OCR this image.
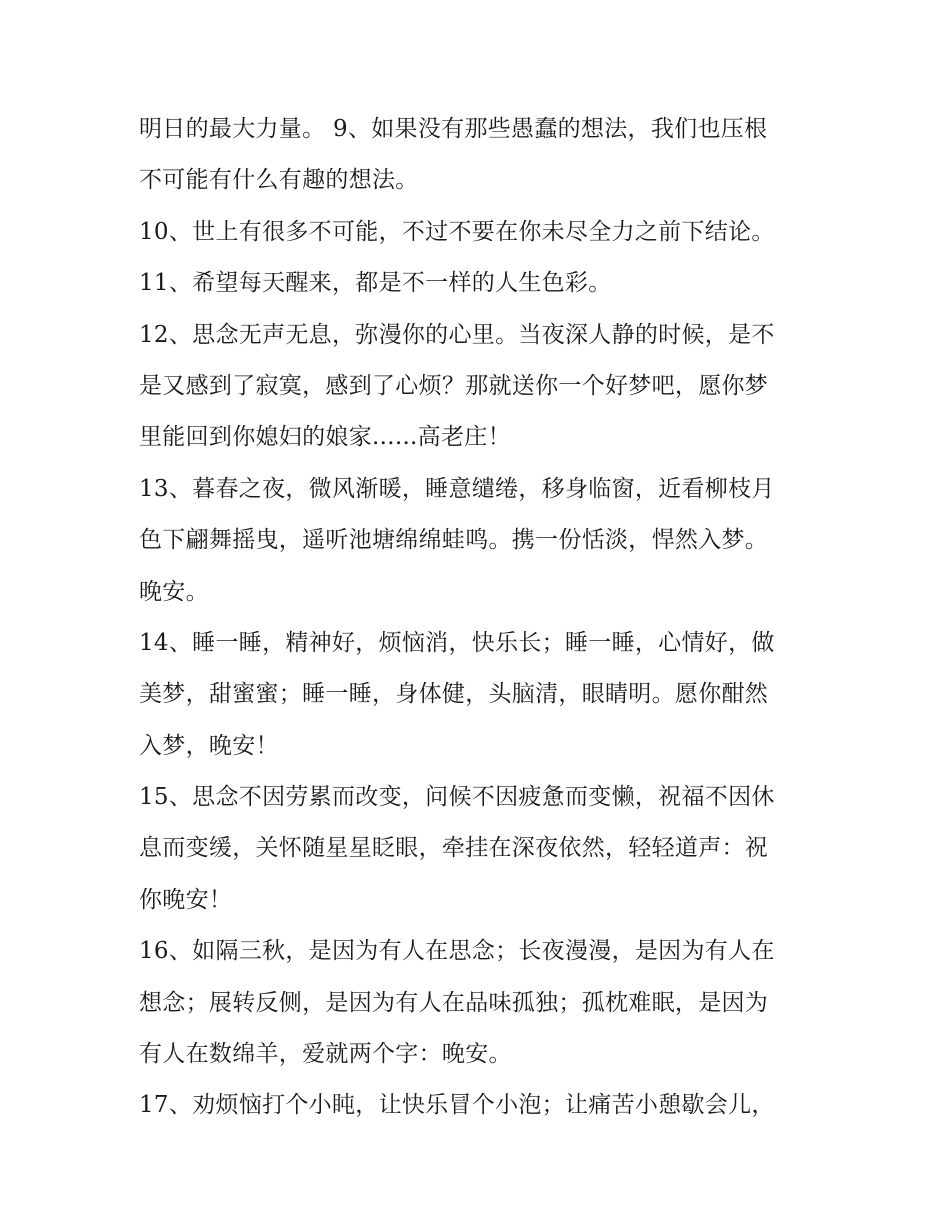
明日的最大力量。 9、如果没有那些愚蠢的想法，我们也压根
不可能有什么有趣的想法。
10、世上有很多不可能，不过不要在你未尽全力之前下结论。
11、希望每天醒来，都是不一样的人生色彩。
12、思念无声无息，弥漫你的心里。当夜深人静的时候，是不
是又感到了寂寞，感到了心烦？那就送你一个好梦吧，愿你梦
里能回到你媳妇的娘家......高老庄！
13、暮春之夜，微风渐暖，睡意缱绻，移身临窗，近看柳枝月
色下翩舞摇曳，遥听池塘绵绵蛙鸣。携一份恬淡，悍然入梦。
晚安。
14、睡一睡，精神好，烦恼消，快乐长；睡一睡，心情好，做
美梦，甜蜜蜜；睡一睡，身体健，头脑清，眼睛明。愿你酣然
入梦，晚安！
15、思念不因劳累而改变，问候不因疲惫而变懒，祝福不因休
息而变缓，关怀随星星眨眼，牵挂在深夜依然，轻轻道声：祝
你晚安！
16、如隔三秋，是因为有人在思念；长夜漫漫，是因为有人在
想念；展转反侧，是因为有人在品味孤独；孤枕难眠，是因为
有人在数绵羊，爱就两个字：晚安。
17、劝烦恼打个小盹，让快乐冒个小泡；让痛苦小憩歇会儿，
